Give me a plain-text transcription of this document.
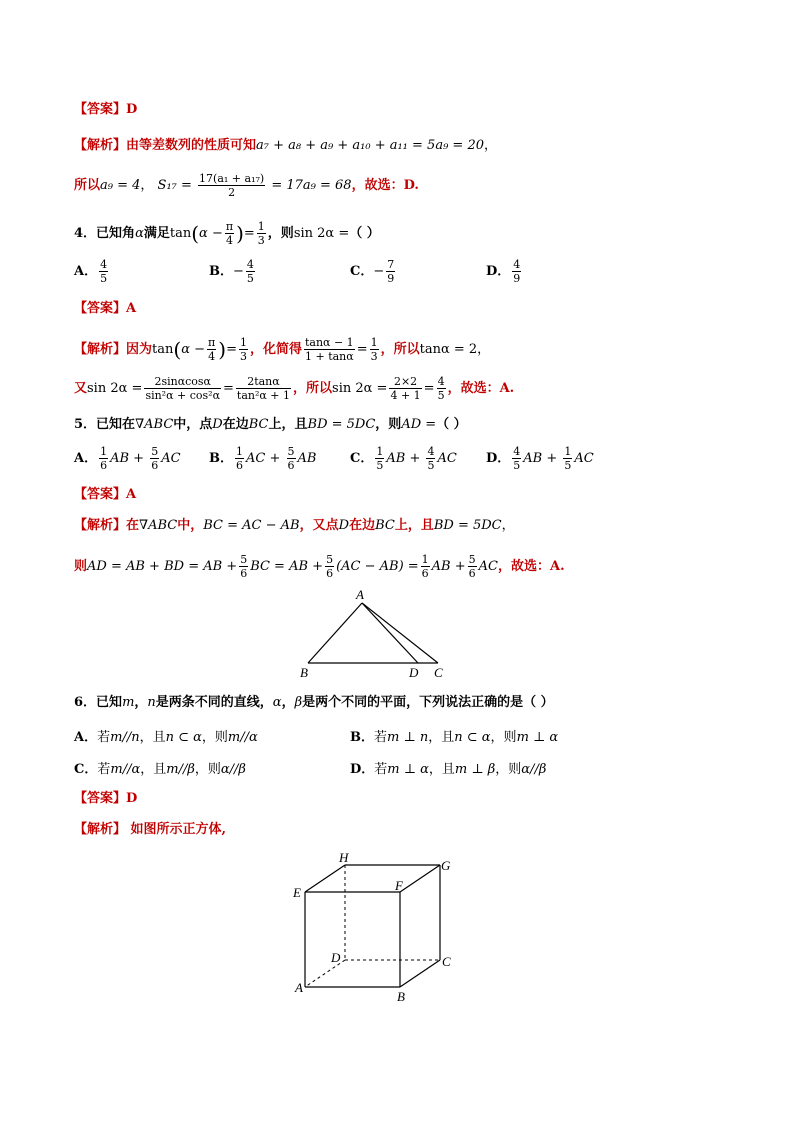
【答案】D
【解析】由等差数列的性质可知a₇ + a₈ + a₉ + a₁₀ + a₁₁ = 5a₉ = 20，
所以a₉ = 4， $S_{17} = \frac{\text{17(a₁ + a₁₇)}}{2} = 17a_9 = 68$，故选：D.
4．已知角α满足$\tan(\alpha - \frac{\pi}{4}$ )= $\frac{1}{3}$ ，则sin 2α =（ ）
A． $\frac{4}{5}$	B．− $\frac{4}{5}$	C．− $\frac{7}{9}$	D． $\frac{4}{9}$
【答案】A
【解析】因为$\tan(\alpha - \frac{\pi}{4}$ )= $\frac{1}{3}$ ，化简得 $\frac{\tan\alpha - 1}{1 + \tan\alpha} = \frac{1}{3}$ ，所以tanα = 2，
又$\sin 2\alpha = \frac{2\sin\alpha\cos\alpha}{\text{sin²α + cos²α}} = \frac{2\tan\alpha}{\text{tan²α + 1}}$ ，所以$\sin 2\alpha = \frac{2\times 2}{4 + 1} = \frac{4}{5}$ ，故选：A.
5．已知在∇ABC中，点D在边BC上，且BD = 5DC，则AD =（ ）
A． $\frac{1}{6}$ AB + $\frac{5}{6}$ AC B． $\frac{1}{6}$ AC + $\frac{5}{6}$ AB	C． $\frac{1}{5}$ AB + $\frac{4}{5}$ AC D． $\frac{4}{5}$ AB + $\frac{1}{5}$ AC
【答案】A
【解析】在∇ABC中，BC = AC − AB，又点D在边BC上，且BD = 5DC，
则AD = AB + BD = AB + $\frac{5}{6}$ BC = AB + $\frac{5}{6} (AC - AB) = \frac{1}{6}$ AB + $\frac{5}{6}$ AC，故选：A.
A
B	D C
6．已知m，n是两条不同的直线，α，β是两个不同的平面，下列说法正确的是（ ）
A．若m//n，且n ⊂ α，则m//α	B．若m ⊥ n，且n ⊂ α，则m ⊥ α
C．若m//α，且m//β，则α//β	D．若m ⊥ α，且m ⊥ β，则α//β
【答案】D
【解析】 如图所示正方体,
H
G
E	F
D	C
A
B
